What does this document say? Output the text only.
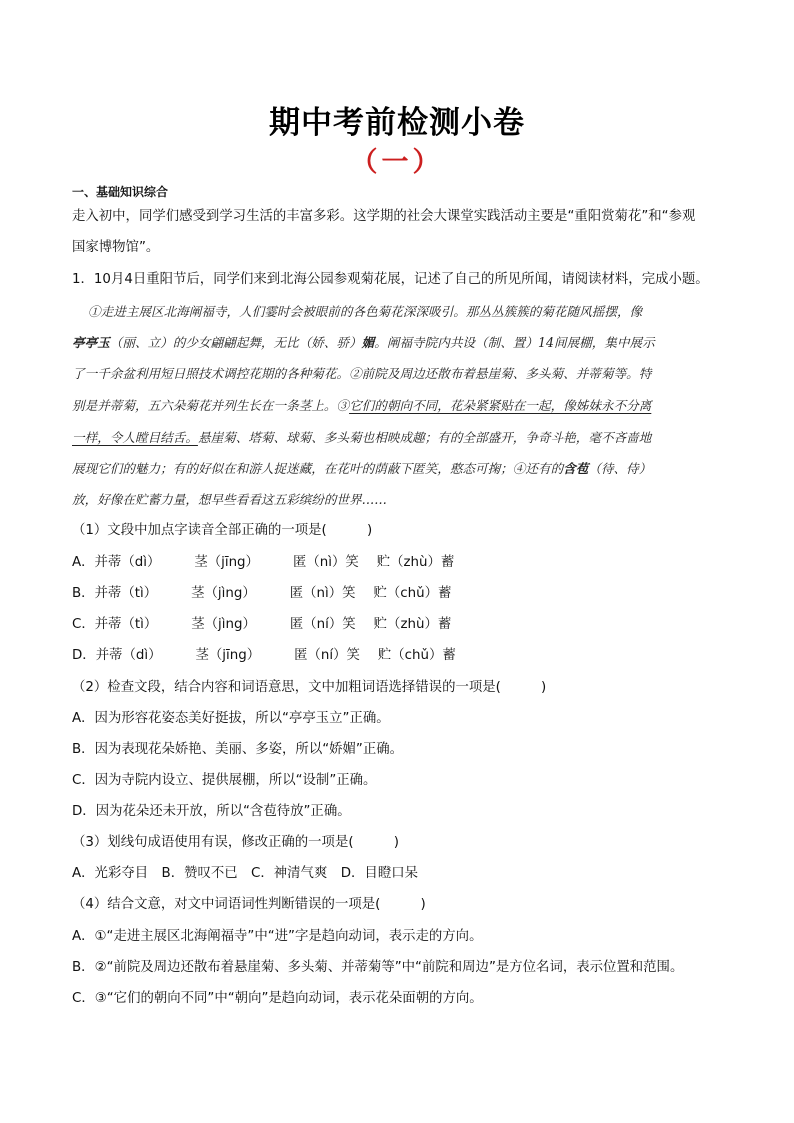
期中考前检测小卷
（一）
一、基础知识综合
走入初中，同学们感受到学习生活的丰富多彩。这学期的社会大课堂实践活动主要是“重阳赏菊花”和“参观
国家博物馆”。
1．10月4日重阳节后，同学们来到北海公园参观菊花展，记述了自己的所见所闻，请阅读材料，完成小题。
①走进主展区北海阐福寺，人们霎时会被眼前的各色菊花深深吸引。那丛丛簇簇的菊花随风摇摆，像
亭亭玉（丽、立）的少女翩翩起舞，无比（娇、骄）媚。阐福寺院内共设（制、置）14间展棚，集中展示
了一千余盆利用短日照技术调控花期的各种菊花。②前院及周边还散布着悬崖菊、多头菊、并蒂菊等。特
别是并蒂菊，五六朵菊花并列生长在一条茎上。③它们的朝向不同，花朵紧紧贴在一起，像姊妹永不分离
一样，令人瞠目结舌。悬崖菊、塔菊、球菊、多头菊也相映成趣；有的全部盛开，争奇斗艳，毫不吝啬地
展现它们的魅力；有的好似在和游人捉迷藏，在花叶的荫蔽下匿笑，憨态可掬；④还有的含苞（待、侍）
放，好像在贮蓄力量，想早些看看这五彩缤纷的世界……
（1）文段中加点字读音全部正确的一项是(　　　)
A．并蒂（dì）	茎（jīng）	匿（nì）笑 贮（zhù）蓄
B．并蒂（tì）	茎（jìng）	匿（nì）笑 贮（chǔ）蓄
C．并蒂（tì）	茎（jìng）	匿（ní）笑 贮（zhù）蓄
D．并蒂（dì）	茎（jīng）	匿（ní）笑 贮（chǔ）蓄
（2）检查文段，结合内容和词语意思，文中加粗词语选择错误的一项是(　　　)
A．因为形容花姿态美好挺拔，所以“亭亭玉立”正确。
B．因为表现花朵娇艳、美丽、多姿，所以“娇媚”正确。
C．因为寺院内设立、提供展棚，所以“设制”正确。
D．因为花朵还未开放，所以“含苞待放”正确。
（3）划线句成语使用有误，修改正确的一项是(　　　)
A．光彩夺目　B．赞叹不已　C．神清气爽　D．目瞪口呆
（4）结合文意，对文中词语词性判断错误的一项是(　　　)
A．①“走进主展区北海阐福寺”中“进”字是趋向动词，表示走的方向。
B．②“前院及周边还散布着悬崖菊、多头菊、并蒂菊等”中“前院和周边”是方位名词，表示位置和范围。
C．③“它们的朝向不同”中“朝向”是趋向动词，表示花朵面朝的方向。
